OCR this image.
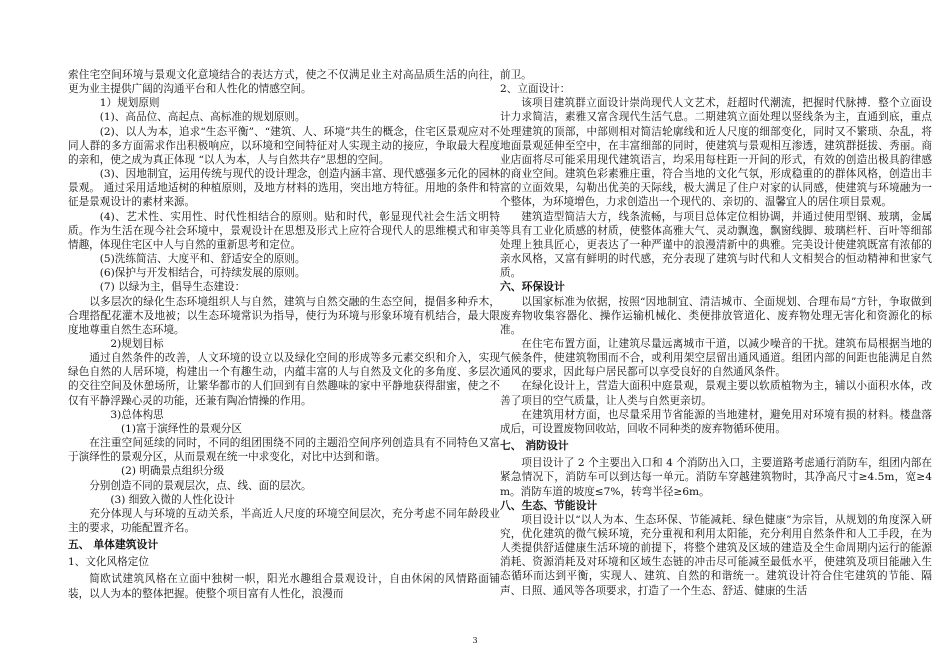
索住宅空间环境与景观文化意境结合的表达方式，使之不仅满足业主对高品质生活的向往，更为业主提供广阔的沟通平台和人性化的情感空间。

1）规划原则

(1)、高品位、高起点、高标准的规划原则。

(2)、以人为本，追求“生态平衡”、“建筑、人、环境”共生的概念，住宅区景观应对不同人群的多方面需求作出积极响应，以环境和空间特征对人实现主动的接应，争取最大程度的亲和，使之成为真正体现 “以人为本，人与自然共存”思想的空间。

(3)、因地制宜，运用传统与现代的设计理念，创造内涵丰富、现代感强多元化的园林景观。 通过采用适地适树的种植原则，及地方材料的选用，突出地方特征。用地的条件和特征是景观设计的素材来源。

(4)、艺术性、实用性、时代性相结合的原则。贴和时代，彰显现代社会生活文明特质。作为生活在现今社会环境中，景观设计在思想及形式上应符合现代人的思维模式和审美情趣，体现住宅区中人与自然的重新思考和定位。

(5)洗练简洁、大度平和、舒适安全的原则。

(6)保护与开发相结合，可持续发展的原则。

(7) 以绿为主，倡导生态建设：

以多层次的绿化生态环境组织人与自然，建筑与自然交融的生态空间，提倡多种乔木，合理搭配花灌木及地被；以生态环境常识为指导，使行为环境与形象环境有机结合，最大限度地尊重自然生态环境。

2)规划目标

通过自然条件的改善，人文环境的设立以及绿化空间的形成等多元素交织和介入，实现绿色自然的人居环境，构建出一个有趣生动，内蕴丰富的人与自然及文化的多角度、多层次的交往空间及休憩场所，让繁华都市的人们回到有自然趣味的家中平静地获得甜蜜，使之不仅有平静浮躁心灵的功能，还兼有陶冶情操的作用。

3)总体构思

(1)富于演绎性的景观分区

在注重空间延续的同时，不同的组团围绕不同的主题沿空间序列创造具有不同特色又富于演绎性的景观分区，从而景观在统一中求变化，对比中达到和谐。

(2) 明确景点组织分级

分别创造不同的景观层次，点、线、面的层次。

(3) 细致入微的人性化设计

充分体现人与环境的互动关系，半高近人尺度的环境空间层次，充分考虑不同年龄段业主的要求，功能配置齐名。

五、 单体建筑设计

1、文化风格定位

简欧试建筑风格在立面中独树一帜，阳光水趣组合景观设计，自由休闲的风情路面铺装，以人为本的整体把握。使整个项目富有人性化，浪漫而

前卫。

2、立面设计：

该项目建筑群立面设计崇尚现代人文艺术，赶超时代潮流，把握时代脉搏．整个立面设计力求简洁，素雅又富含现代生活气息。二期建筑立面处理以竖线条为主，直通到底，重点处理建筑的顶部，中部则相对简洁轮廓线和近人尺度的细部变化，同时又不繁琐、杂乱，将地面景观延伸至空中，在丰富细部的同时，使建筑与景观相互渗透，建筑群挺拔、秀丽。商业店面将尽可能采用现代建筑语言，均采用每柱距一开间的形式，有效的创造出极具韵律感的商业空间。建筑色彩素雅庄重，符合当地的文化气氛，形成稳重的的群体风格，创造出丰富的立面效果，勾勒出优美的天际线，极大满足了住户对家的认同感，使建筑与环境融为一个整体，为环境增色，力求创造出一个现代的、亲切的、温馨宜人的居住项目景观。

建筑造型简洁大方，线条流畅，与项目总体定位相协调，并通过使用型钢、玻璃，金属等具有工业化质感的材质，使整体高雅大气、灵动飘逸，飘窗线脚、玻璃栏杆、百叶等细部处理上独具匠心，更表达了一种严谨中的浪漫清新中的典雅。完美设计使建筑既富有浓郁的亲水风格，又富有鲜明的时代感，充分表现了建筑与时代和人文相契合的恒动精神和世家气质。

六、环保设计

以国家标准为依据，按照“因地制宜、清洁城市、全面规划、合理布局”方针，争取做到废弃物收集容器化、操作运输机械化、类便排放管道化、废弃物处理无害化和资源化的标准。

在住宅布置方面，让建筑尽量远离城市干道，以减少噪音的干扰。建筑布局根据当地的气候条件，使建筑物围而不合，或利用架空层留出通风通道。组团内部的间距也能满足自然通风的要求，因此每户居民都可以享受良好的自然通风条件。

在绿化设计上，营造大面积中庭景观，景观主要以软质植物为主，辅以小面积水体，改善了项目的空气质量，让人类与自然更亲切。

在建筑用材方面，也尽量采用节省能源的当地建材，避免用对环境有损的材料。楼盘落成后，可设置废物回收站，回收不同种类的废弃物循环使用。

七、 消防设计

项目设计了 2 个主要出入口和 4 个消防出入口，主要道路考虑通行消防车，组团内部在紧急情况下，消防车可以到达每一单元。消防车穿越建筑物时，其净高尺寸≥4.5m，宽≥4m。消防车道的坡度≤7%，转弯半径≥6m。

八、生态、节能设计

项目设计以“以人为本、生态环保、节能减耗、绿色健康”为宗旨，从规划的角度深入研究，优化建筑的微气候环境，充分重视和利用太阳能，充分利用自然条件和人工手段，在为人类提供舒适健康生活环境的前提下，将整个建筑及区域的建造及全生命周期内运行的能源消耗、资源消耗及对环境和区域生态链的冲击尽可能减至最低水平，使建筑及项目能融入生态循环而达到平衡，实现人、建筑、自然的和谐统一。建筑设计符合住宅建筑的节能、隔声、日照、通风等各项要求，打造了一个生态、舒适、健康的生活

3
